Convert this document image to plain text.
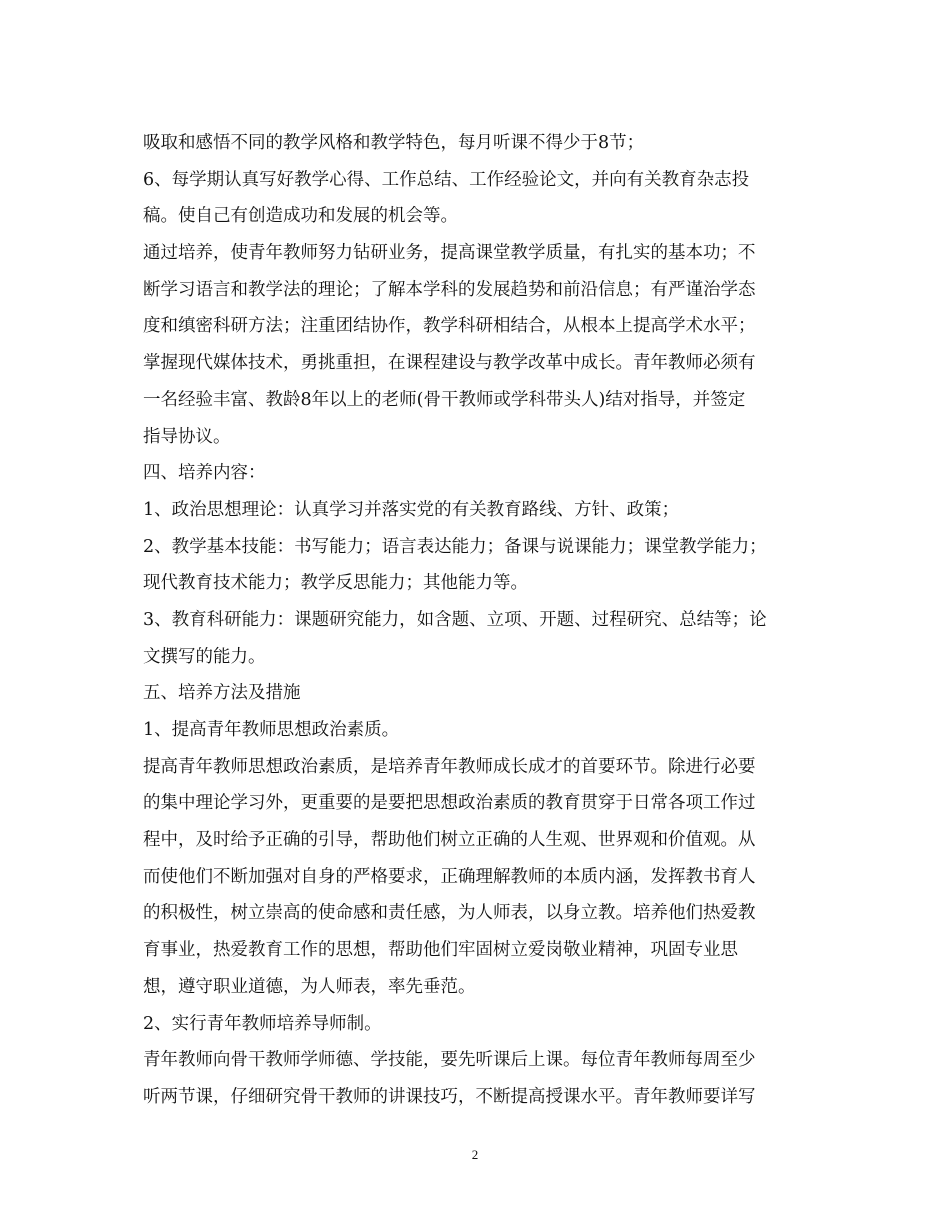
吸取和感悟不同的教学风格和教学特色，每月听课不得少于8节；
6、每学期认真写好教学心得、工作总结、工作经验论文，并向有关教育杂志投
稿。使自己有创造成功和发展的机会等。
通过培养，使青年教师努力钻研业务，提高课堂教学质量，有扎实的基本功；不
断学习语言和教学法的理论；了解本学科的发展趋势和前沿信息；有严谨治学态
度和缜密科研方法；注重团结协作，教学科研相结合，从根本上提高学术水平；
掌握现代媒体技术，勇挑重担，在课程建设与教学改革中成长。青年教师必须有
一名经验丰富、教龄8年以上的老师(骨干教师或学科带头人)结对指导，并签定
指导协议。
四、培养内容：
1、政治思想理论：认真学习并落实党的有关教育路线、方针、政策；
2、教学基本技能：书写能力；语言表达能力；备课与说课能力；课堂教学能力；
现代教育技术能力；教学反思能力；其他能力等。
3、教育科研能力：课题研究能力，如含题、立项、开题、过程研究、总结等；论
文撰写的能力。
五、培养方法及措施
1、提高青年教师思想政治素质。
提高青年教师思想政治素质，是培养青年教师成长成才的首要环节。除进行必要
的集中理论学习外，更重要的是要把思想政治素质的教育贯穿于日常各项工作过
程中，及时给予正确的引导，帮助他们树立正确的人生观、世界观和价值观。从
而使他们不断加强对自身的严格要求，正确理解教师的本质内涵，发挥教书育人
的积极性，树立崇高的使命感和责任感，为人师表，以身立教。培养他们热爱教
育事业，热爱教育工作的思想，帮助他们牢固树立爱岗敬业精神，巩固专业思
想，遵守职业道德，为人师表，率先垂范。
2、实行青年教师培养导师制。
青年教师向骨干教师学师德、学技能，要先听课后上课。每位青年教师每周至少
听两节课，仔细研究骨干教师的讲课技巧，不断提高授课水平。青年教师要详写
2
